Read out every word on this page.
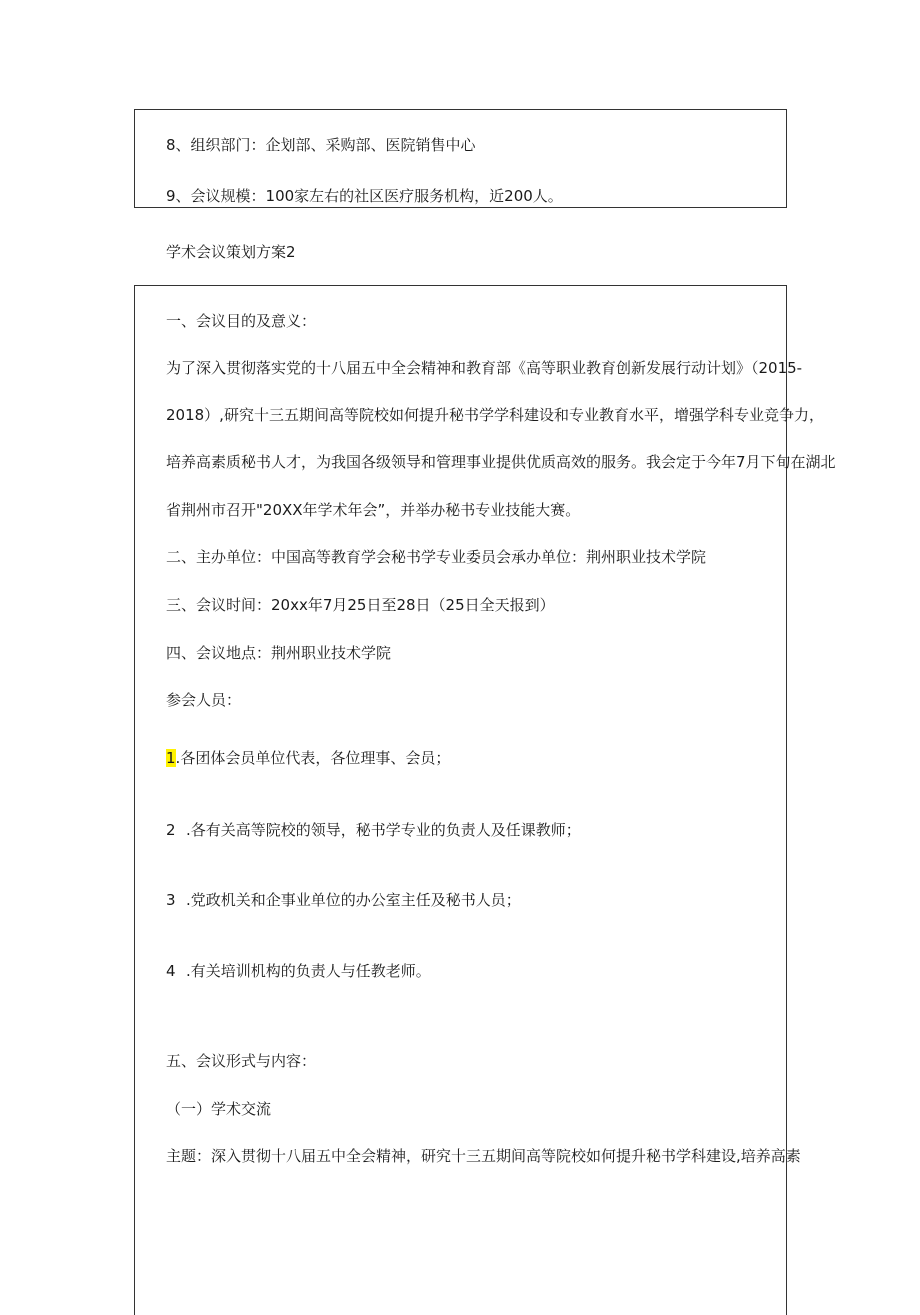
8、组织部门：企划部、采购部、医院销售中心
9、会议规模：100家左右的社区医疗服务机构，近200人。
学术会议策划方案2
一、会议目的及意义：
为了深入贯彻落实党的十八届五中全会精神和教育部《高等职业教育创新发展行动计划》（2015-
2018）,研究十三五期间高等院校如何提升秘书学学科建设和专业教育水平，增强学科专业竞争力，
培养高素质秘书人才，为我国各级领导和管理事业提供优质高效的服务。我会定于今年7月下旬在湖北
省荆州市召开"20XX年学术年会”，并举办秘书专业技能大赛。
二、主办单位：中国高等教育学会秘书学专业委员会承办单位：荆州职业技术学院
三、会议时间：20xx年7月25日至28日（25日全天报到）
四、会议地点：荆州职业技术学院
参会人员：
1.各团体会员单位代表，各位理事、会员；
2 .各有关高等院校的领导，秘书学专业的负责人及任课教师；
3 .党政机关和企事业单位的办公室主任及秘书人员；
4 .有关培训机构的负责人与任教老师。
五、会议形式与内容：
（一）学术交流
主题：深入贯彻十八届五中全会精神，研究十三五期间高等院校如何提升秘书学科建设,培养高素
